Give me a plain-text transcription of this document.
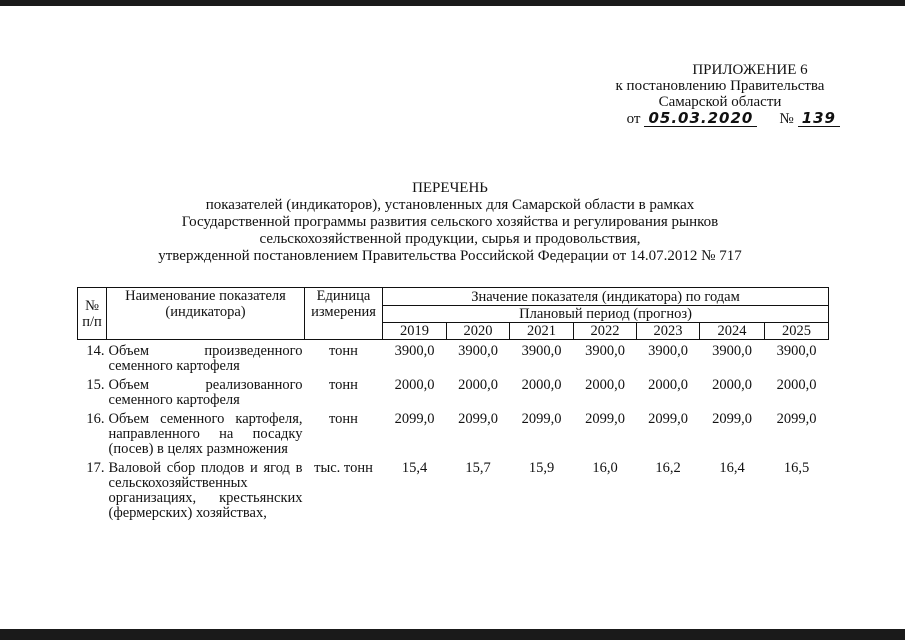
ПРИЛОЖЕНИЕ 6
к постановлению Правительства
Самарской области
от 05.03.2020 № 139
ПЕРЕЧЕНЬ
показателей (индикаторов), установленных для Самарской области в рамках
Государственной программы развития сельского хозяйства и регулирования рынков
сельскохозяйственной продукции, сырья и продовольствия,
утвержденной постановлением Правительства Российской Федерации от 14.07.2012 № 717
№ п/п	Наименование показателя (индикатора)	Единица измерения	Значение показателя (индикатора) по годам						
			Плановый период (прогноз)						
			2019	2020	2021	2022	2023	2024	2025
14.	Объем произведенного семенного картофеля	тонн	3900,0	3900,0	3900,0	3900,0	3900,0	3900,0	3900,0
15.	Объем реализованного семенного картофеля	тонн	2000,0	2000,0	2000,0	2000,0	2000,0	2000,0	2000,0
16.	Объем семенного картофеля, направленного на посадку (посев) в целях размножения	тонн	2099,0	2099,0	2099,0	2099,0	2099,0	2099,0	2099,0
17.	Валовой сбор плодов и ягод в сельскохозяйственных организациях, крестьянских (фермерских) хозяйствах,	тыс. тонн	15,4	15,7	15,9	16,0	16,2	16,4	16,5
